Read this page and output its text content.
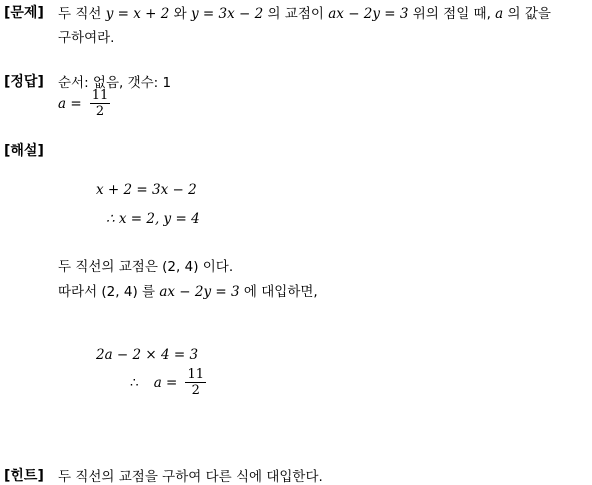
[문제] 두 직선 y = x + 2 와 y = 3x − 2 의 교점이 ax − 2y = 3 위의 점일 때, a 의 값을
구하여라.
[정답] 순서: 없음, 갯수: 1
$a = \frac{11}{2}$
[해설]
x + 2 = 3x − 2
∴ x = 2, y = 4
두 직선의 교점은 (2, 4) 이다.
따라서 (2, 4) 를 ax − 2y = 3 에 대입하면,
2a − 2 × 4 = 3
∴ $a = \frac{11}{2}$
[힌트] 두 직선의 교점을 구하여 다른 식에 대입한다.
